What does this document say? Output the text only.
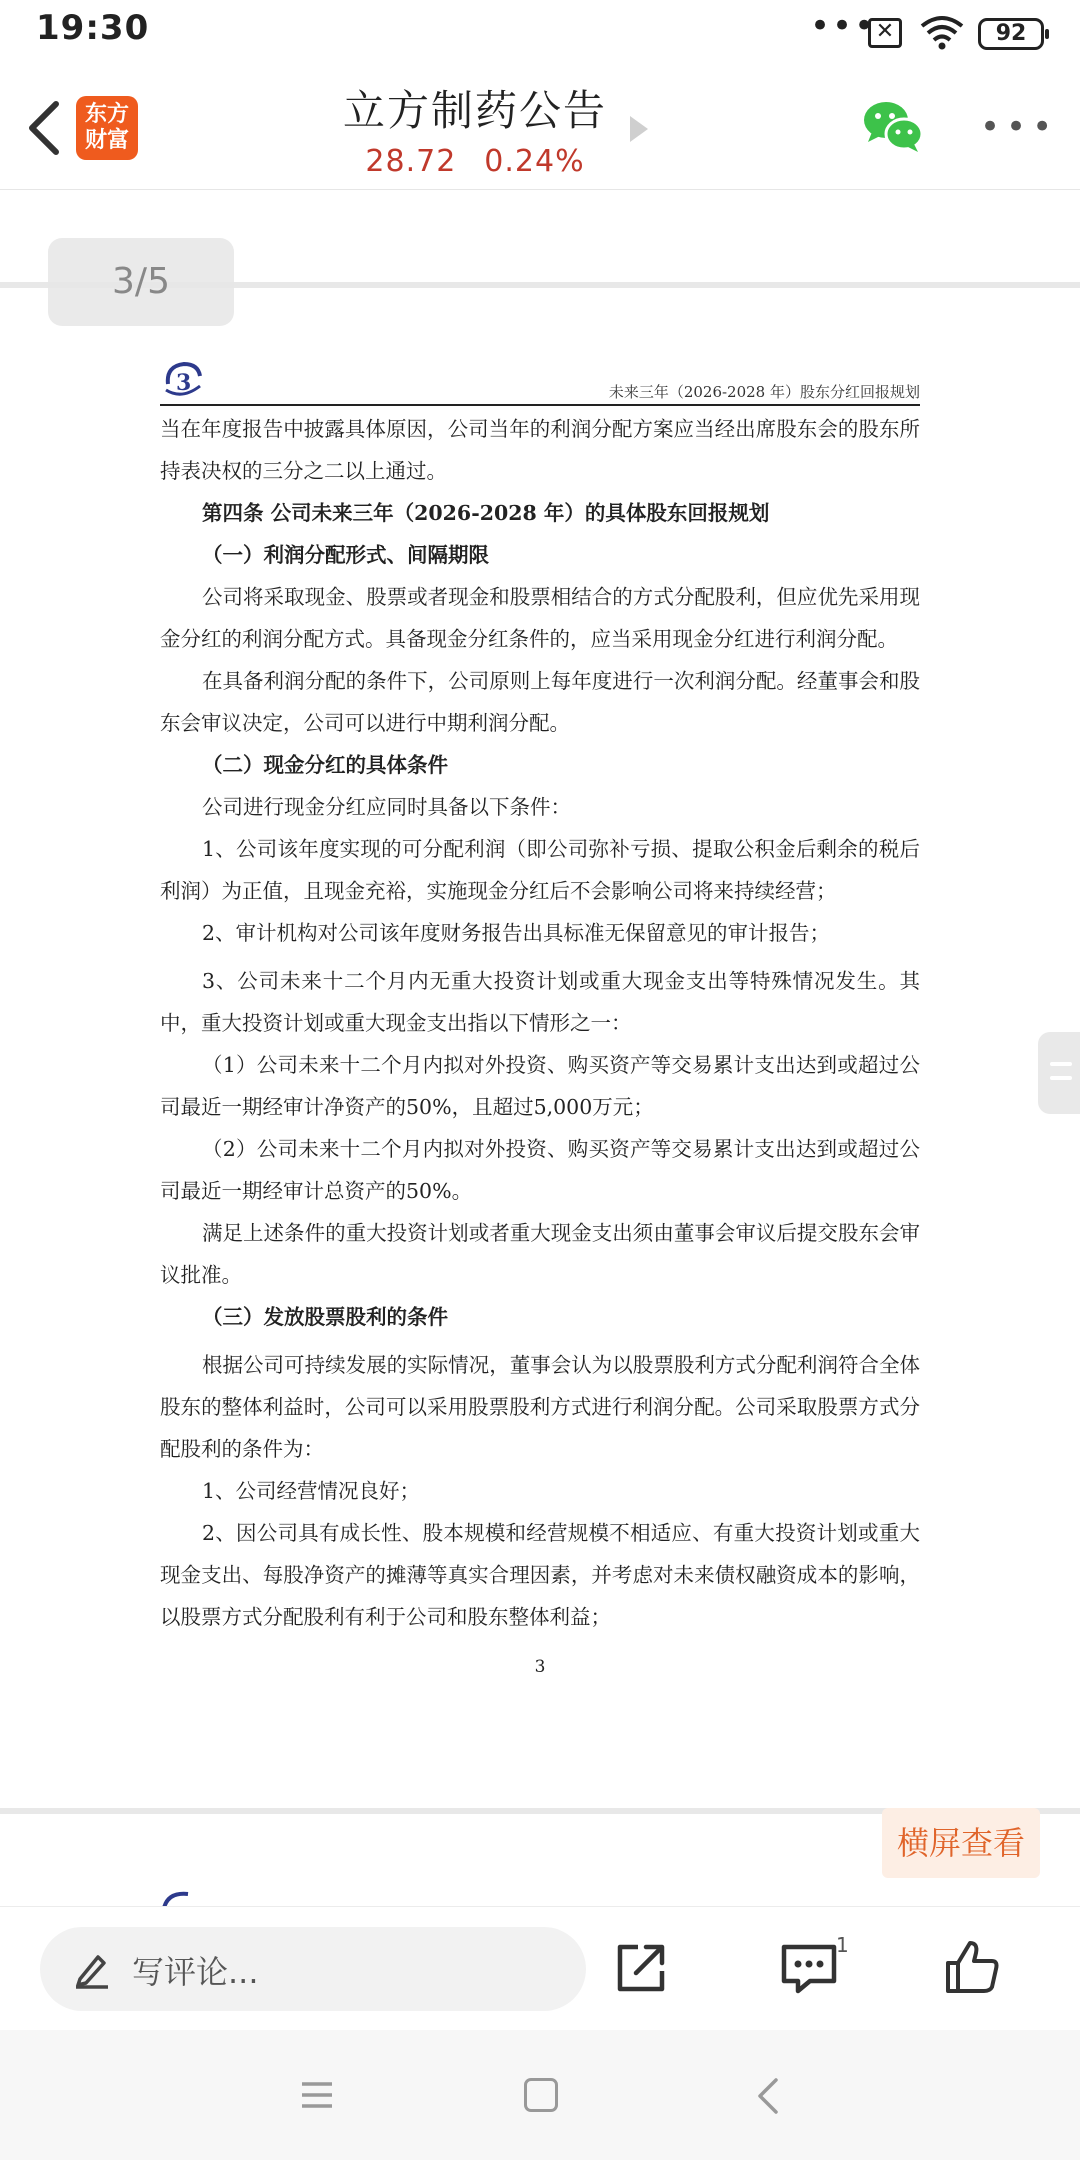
19:30	••• ✕	92
东方
财富
立方制药公告
28.72 0.24%
•••
3/5
3	未来三年（2026-2028 年）股东分红回报规划

当在年度报告中披露具体原因，公司当年的利润分配方案应当经出席股东会的股东所持表决权的三分之二以上通过。

第四条 公司未来三年（2026-2028 年）的具体股东回报规划

（一）利润分配形式、间隔期限

公司将采取现金、股票或者现金和股票相结合的方式分配股利，但应优先采用现金分红的利润分配方式。具备现金分红条件的，应当采用现金分红进行利润分配。

在具备利润分配的条件下，公司原则上每年度进行一次利润分配。经董事会和股东会审议决定，公司可以进行中期利润分配。

（二）现金分红的具体条件

公司进行现金分红应同时具备以下条件：

1、公司该年度实现的可分配利润（即公司弥补亏损、提取公积金后剩余的税后利润）为正值，且现金充裕，实施现金分红后不会影响公司将来持续经营；

2、审计机构对公司该年度财务报告出具标准无保留意见的审计报告；

3、公司未来十二个月内无重大投资计划或重大现金支出等特殊情况发生。其中，重大投资计划或重大现金支出指以下情形之一：

（1）公司未来十二个月内拟对外投资、购买资产等交易累计支出达到或超过公司最近一期经审计净资产的50%，且超过5,000万元；

（2）公司未来十二个月内拟对外投资、购买资产等交易累计支出达到或超过公司最近一期经审计总资产的50%。

满足上述条件的重大投资计划或者重大现金支出须由董事会审议后提交股东会审议批准。

（三）发放股票股利的条件

根据公司可持续发展的实际情况，董事会认为以股票股利方式分配利润符合全体股东的整体利益时，公司可以采用股票股利方式进行利润分配。公司采取股票方式分配股利的条件为：

1、公司经营情况良好；

2、因公司具有成长性、股本规模和经营规模不相适应、有重大投资计划或重大现金支出、每股净资产的摊薄等真实合理因素，并考虑对未来债权融资成本的影响，以股票方式分配股利有利于公司和股东整体利益；

3
横屏查看
写评论...
1
